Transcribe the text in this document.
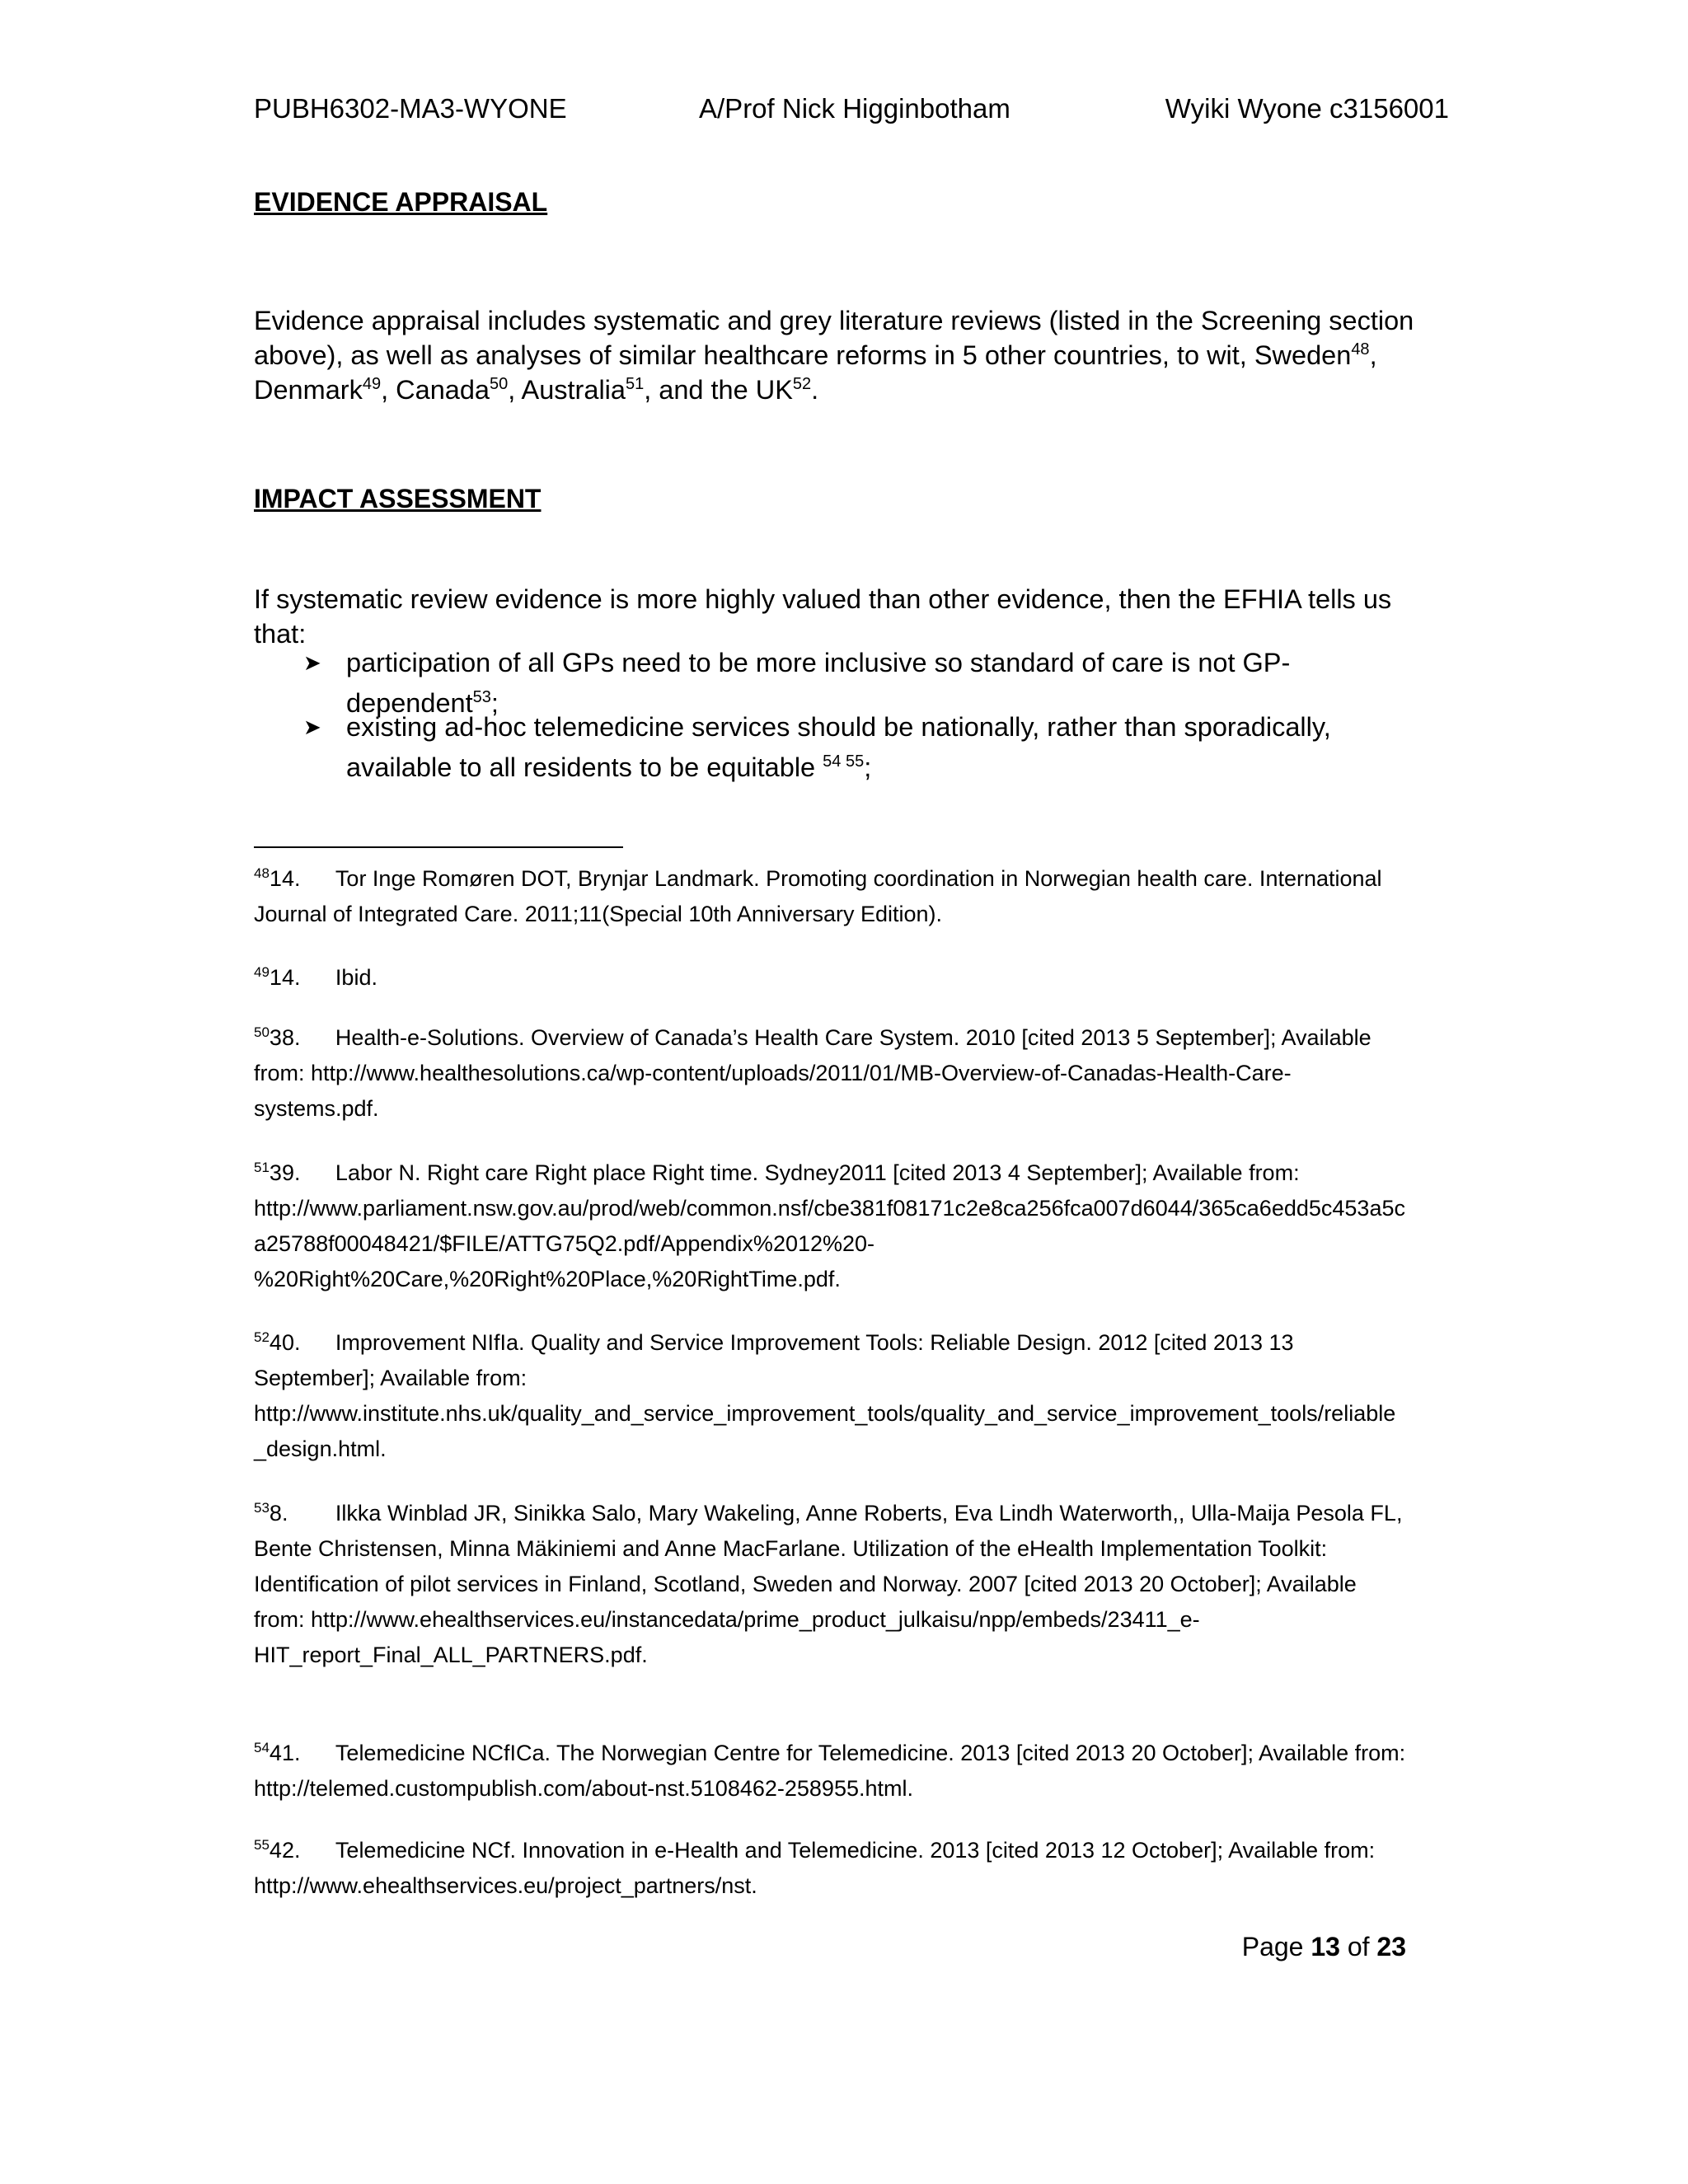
PUBH6302-MA3-WYONE	A/Prof Nick Higginbotham	Wyiki Wyone c3156001
EVIDENCE APPRAISAL
Evidence appraisal includes systematic and grey literature reviews (listed in the Screening section above), as well as analyses of similar healthcare reforms in 5 other countries, to wit, Sweden$^{48}$, Denmark$^{49}$, Canada$^{50}$, Australia$^{51}$, and the UK$^{52}$.
IMPACT ASSESSMENT
If systematic review evidence is more highly valued than other evidence, then the EFHIA tells us that:
➤ participation of all GPs need to be more inclusive so standard of care is not GP-dependent$^{53}$;
➤ existing ad-hoc telemedicine services should be nationally, rather than sporadically, available to all residents to be equitable $^{54 55}$;
$^{48}$14. Tor Inge Romøren DOT, Brynjar Landmark. Promoting coordination in Norwegian health care. International Journal of Integrated Care. 2011;11(Special 10th Anniversary Edition).
$^{49}$14. Ibid.
$^{50}$38. Health-e-Solutions. Overview of Canada’s Health Care System. 2010 [cited 2013 5 September]; Available from: http://www.healthesolutions.ca/wp-content/uploads/2011/01/MB-Overview-of-Canadas-Health-Care-systems.pdf.
$^{51}$39. Labor N. Right care Right place Right time. Sydney2011 [cited 2013 4 September]; Available from: http://www.parliament.nsw.gov.au/prod/web/common.nsf/cbe381f08171c2e8ca256fca007d6044/365ca6edd5c453a5ca25788f00048421/$FILE/ATTG75Q2.pdf/Appendix%2012%20-%20Right%20Care,%20Right%20Place,%20RightTime.pdf.
$^{52}$40. Improvement NIfIa. Quality and Service Improvement Tools: Reliable Design. 2012 [cited 2013 13 September]; Available from: http://www.institute.nhs.uk/quality_and_service_improvement_tools/quality_and_service_improvement_tools/reliable_design.html.
$^{53}$8. Ilkka Winblad JR, Sinikka Salo, Mary Wakeling, Anne Roberts, Eva Lindh Waterworth,, Ulla-Maija Pesola FL, Bente Christensen, Minna Mäkiniemi and Anne MacFarlane. Utilization of the eHealth Implementation Toolkit: Identification of pilot services in Finland, Scotland, Sweden and Norway. 2007 [cited 2013 20 October]; Available from: http://www.ehealthservices.eu/instancedata/prime_product_julkaisu/npp/embeds/23411_e-HIT_report_Final_ALL_PARTNERS.pdf.
$^{54}$41. Telemedicine NCfICa. The Norwegian Centre for Telemedicine. 2013 [cited 2013 20 October]; Available from: http://telemed.custompublish.com/about-nst.5108462-258955.html.
$^{55}$42. Telemedicine NCf. Innovation in e-Health and Telemedicine. 2013 [cited 2013 12 October]; Available from: http://www.ehealthservices.eu/project_partners/nst.
Page 13 of 23
